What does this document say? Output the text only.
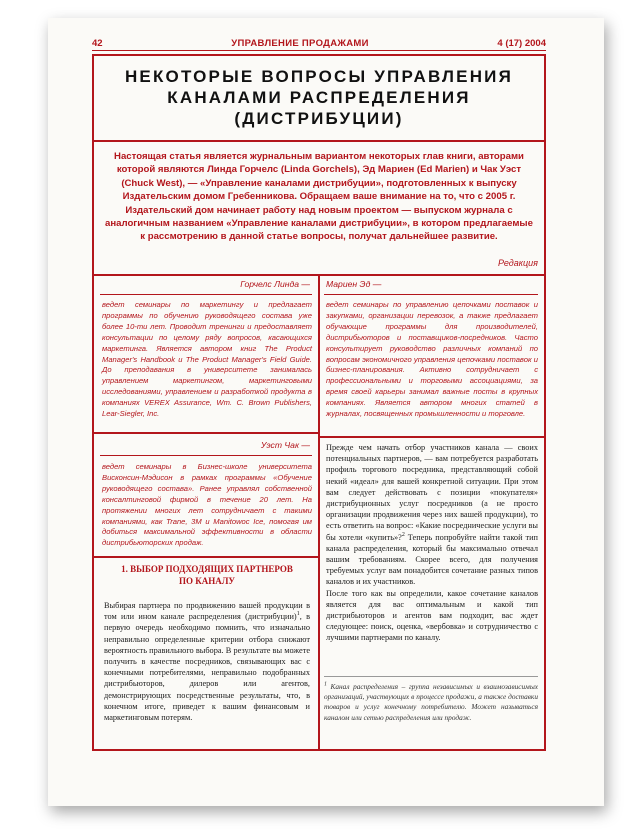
42	УПРАВЛЕНИЕ ПРОДАЖАМИ	4 (17) 2004
НЕКОТОРЫЕ ВОПРОСЫ УПРАВЛЕНИЯ
КАНАЛАМИ РАСПРЕДЕЛЕНИЯ
(ДИСТРИБУЦИИ)
Настоящая статья является журнальным вариантом некоторых глав книги, авторами которой являются Линда Горчелс (Linda Gorchels), Эд Мариен (Ed Marien) и Чак Уэст (Chuck West), — «Управление каналами дистрибуции», подготовленных к выпуску Издательским домом Гребенникова. Обращаем ваше внимание на то, что с 2005 г. Издательский дом начинает работу над новым проектом — выпуском журнала с аналогичным названием «Управление каналами дистрибуции», в котором предлагаемые к рассмотрению в данной статье вопросы, получат дальнейшее развитие.
Редакция
Горчелс Линда —
ведет семинары по маркетингу и предлагает программы по обучению руководящего состава уже более 10-ти лет. Проводит тренинги и предоставляет консультации по целому ряду вопросов, касающихся маркетинга. Является автором книг The Product Manager's Handbook и The Product Manager's Field Guide. До преподавания в университете занималась управлением маркетингом, маркетинговыми исследованиями, управлением и разработкой продукта в компаниях VEREX Assurance, Wm. C. Brown Publishers, Lear-Siegler, Inc.
Мариен Эд —
ведет семинары по управлению цепочками поставок и закупками, организации перевозок, а также предлагает обучающие программы для производителей, дистрибьюторов и поставщиков-посредников. Часто консультирует руководство различных компаний по вопросам экономичного управления цепочками поставок и бизнес-планирования. Активно сотрудничает с профессиональными и торговыми ассоциациями, за время своей карьеры занимал важные посты в крупных компаниях. Является автором многих статей в журналах, посвященных промышленности и торговле.
Уэст Чак —
ведет семинары в Бизнес-школе университета Висконсин-Мэдисон в рамках программы «Обучение руководящего состава». Ранее управлял собственной консалтинговой фирмой в течение 20 лет. На протяжении многих лет сотрудничает с такими компаниями, как Trane, 3M и Manitowoc Ice, помогая им добиться максимальной эффективности в области дистрибьюторских продаж.
1. ВЫБОР ПОДХОДЯЩИХ ПАРТНЕРОВ
ПО КАНАЛУ
Выбирая партнера по продвижению вашей продукции в том или ином канале распределения (дистрибуции)$^1$, в первую очередь необходимо помнить, что изначально неправильно определенные критерии отбора снижают вероятность правильного выбора. В результате вы можете получить в качестве посредников, связывающих вас с конечными потребителями, неправильно подобранных дистрибьюторов, дилеров или агентов, демонстрирующих посредственные результаты, что, в конечном итоге, приведет к вашим финансовым и маркетинговым потерям.
Прежде чем начать отбор участников канала — своих потенциальных партнеров, — вам потребуется разработать профиль торгового посредника, представляющий собой некий «идеал» для вашей конкретной ситуации. При этом вам следует действовать с позиции «покупателя» дистрибуционных услуг посредников (а не просто организации продвижения через них вашей продукции), то есть ответить на вопрос: «Какие посреднические услуги вы бы хотели «купить»?$^2$ Теперь попробуйте найти такой тип канала распределения, который бы максимально отвечал вашим требованиям. Скорее всего, для получения требуемых услуг вам понадобится сочетание разных типов каналов и их участников.
После того как вы определили, какое сочетание каналов является для вас оптимальным и какой тип дистрибьюторов и агентов вам подходит, вас ждет следующее: поиск, оценка, «вербовка» и сотрудничество с лучшими партнерами по каналу.
$^1$ Канал распределения – группа независимых и взаимозависимых организаций, участвующих в процессе продажи, а также доставки товаров и услуг конечному потребителю. Может называться каналом или сетью распределения или продаж.
